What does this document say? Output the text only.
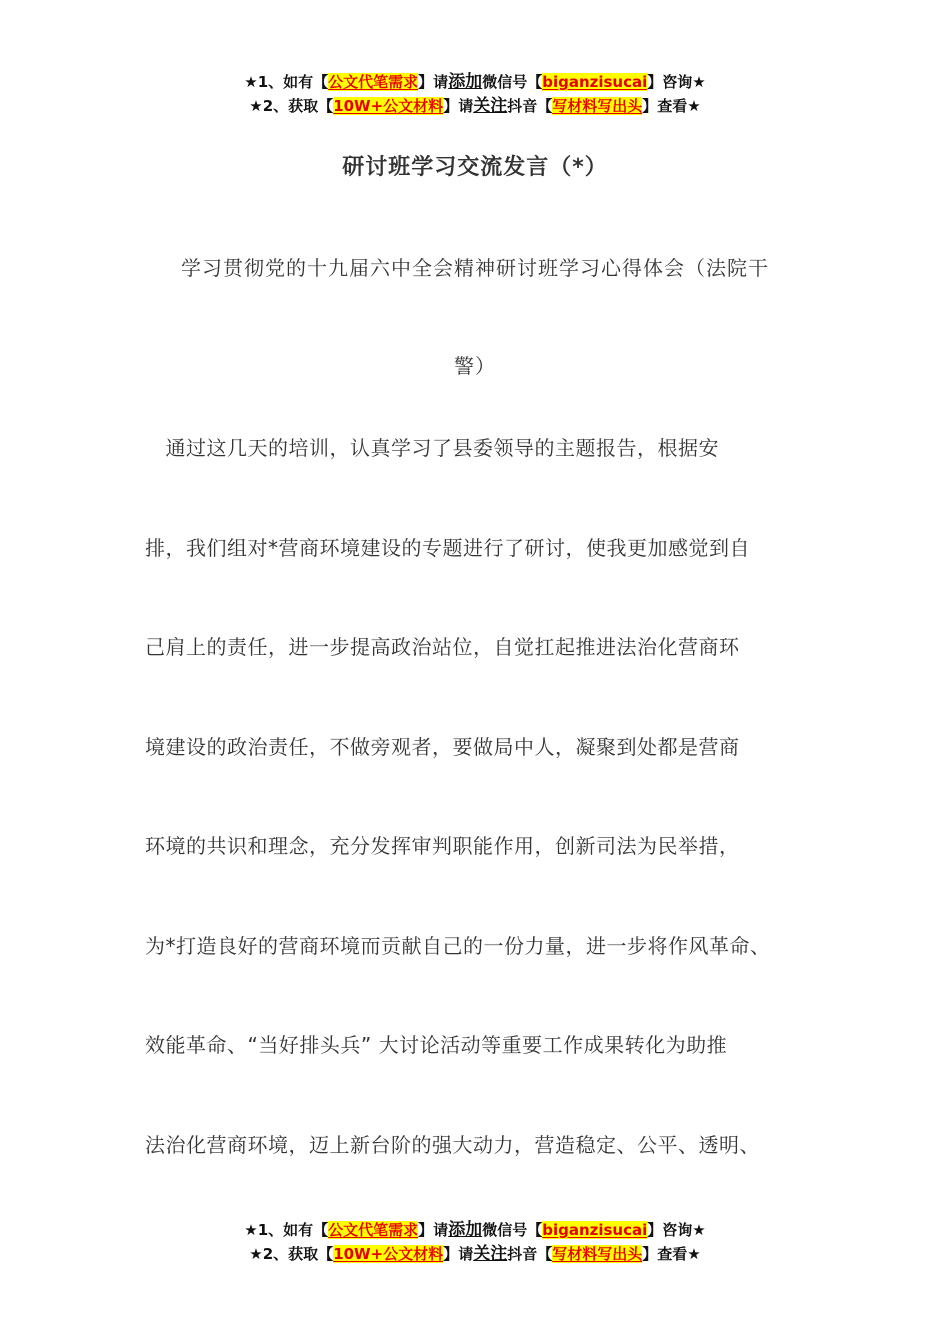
★1、如有【公文代笔需求】请添加微信号【biganzisucai】咨询★
★2、获取【10W+公文材料】请关注抖音【写材料写出头】查看★
研讨班学习交流发言（*）
学习贯彻党的十九届六中全会精神研讨班学习心得体会（法院干
警）
　通过这几天的培训，认真学习了县委领导的主题报告，根据安
排，我们组对*营商环境建设的专题进行了研讨，使我更加感觉到自
己肩上的责任，进一步提高政治站位，自觉扛起推进法治化营商环
境建设的政治责任，不做旁观者，要做局中人，凝聚到处都是营商
环境的共识和理念，充分发挥审判职能作用，创新司法为民举措，
为*打造良好的营商环境而贡献自己的一份力量，进一步将作风革命、
效能革命、“当好排头兵” 大讨论活动等重要工作成果转化为助推
法治化营商环境，迈上新台阶的强大动力，营造稳定、公平、透明、
★1、如有【公文代笔需求】请添加微信号【biganzisucai】咨询★
★2、获取【10W+公文材料】请关注抖音【写材料写出头】查看★
